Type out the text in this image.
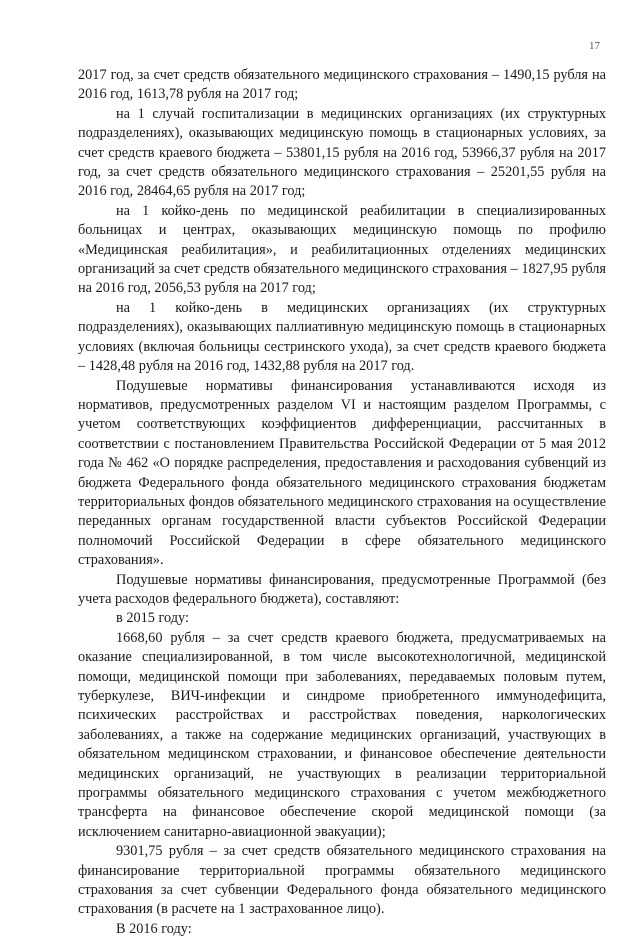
17

2017 год, за счет средств обязательного медицинского страхования – 1490,15 рубля на 2016 год, 1613,78 рубля на 2017 год;

на 1 случай госпитализации в медицинских организациях (их структурных подразделениях), оказывающих медицинскую помощь в стационарных условиях, за счет средств краевого бюджета – 53801,15 рубля на 2016 год, 53966,37 рубля на 2017 год, за счет средств обязательного медицинского страхования – 25201,55 рубля на 2016 год, 28464,65 рубля на 2017 год;

на 1 койко-день по медицинской реабилитации в специализированных больницах и центрах, оказывающих медицинскую помощь по профилю «Медицинская реабилитация», и реабилитационных отделениях медицинских организаций за счет средств обязательного медицинского страхования – 1827,95 рубля на 2016 год, 2056,53 рубля на 2017 год;

на 1 койко-день в медицинских организациях (их структурных подразделениях), оказывающих паллиативную медицинскую помощь в стационарных условиях (включая больницы сестринского ухода), за счет средств краевого бюджета – 1428,48 рубля на 2016 год, 1432,88 рубля на 2017 год.

Подушевые нормативы финансирования устанавливаются исходя из нормативов, предусмотренных разделом VI и настоящим разделом Программы, с учетом соответствующих коэффициентов дифференциации, рассчитанных в соответствии с постановлением Правительства Российской Федерации от 5 мая 2012 года № 462 «О порядке распределения, предоставления и расходования субвенций из бюджета Федерального фонда обязательного медицинского страхования бюджетам территориальных фондов обязательного медицинского страхования на осуществление переданных органам государственной власти субъектов Российской Федерации полномочий Российской Федерации в сфере обязательного медицинского страхования».

Подушевые нормативы финансирования, предусмотренные Программой (без учета расходов федерального бюджета), составляют:

в 2015 году:

1668,60 рубля – за счет средств краевого бюджета, предусматриваемых на оказание специализированной, в том числе высокотехнологичной, медицинской помощи, медицинской помощи при заболеваниях, передаваемых половым путем, туберкулезе, ВИЧ-инфекции и синдроме приобретенного иммунодефицита, психических расстройствах и расстройствах поведения, наркологических заболеваниях, а также на содержание медицинских организаций, участвующих в обязательном медицинском страховании, и финансовое обеспечение деятельности медицинских организаций, не участвующих в реализации территориальной программы обязательного медицинского страхования с учетом межбюджетного трансферта на финансовое обеспечение скорой медицинской помощи (за исключением санитарно-авиационной эвакуации);

9301,75 рубля – за счет средств обязательного медицинского страхования на финансирование территориальной программы обязательного медицинского страхования за счет субвенции Федерального фонда обязательного медицинского страхования (в расчете на 1 застрахованное лицо).

В 2016 году:
